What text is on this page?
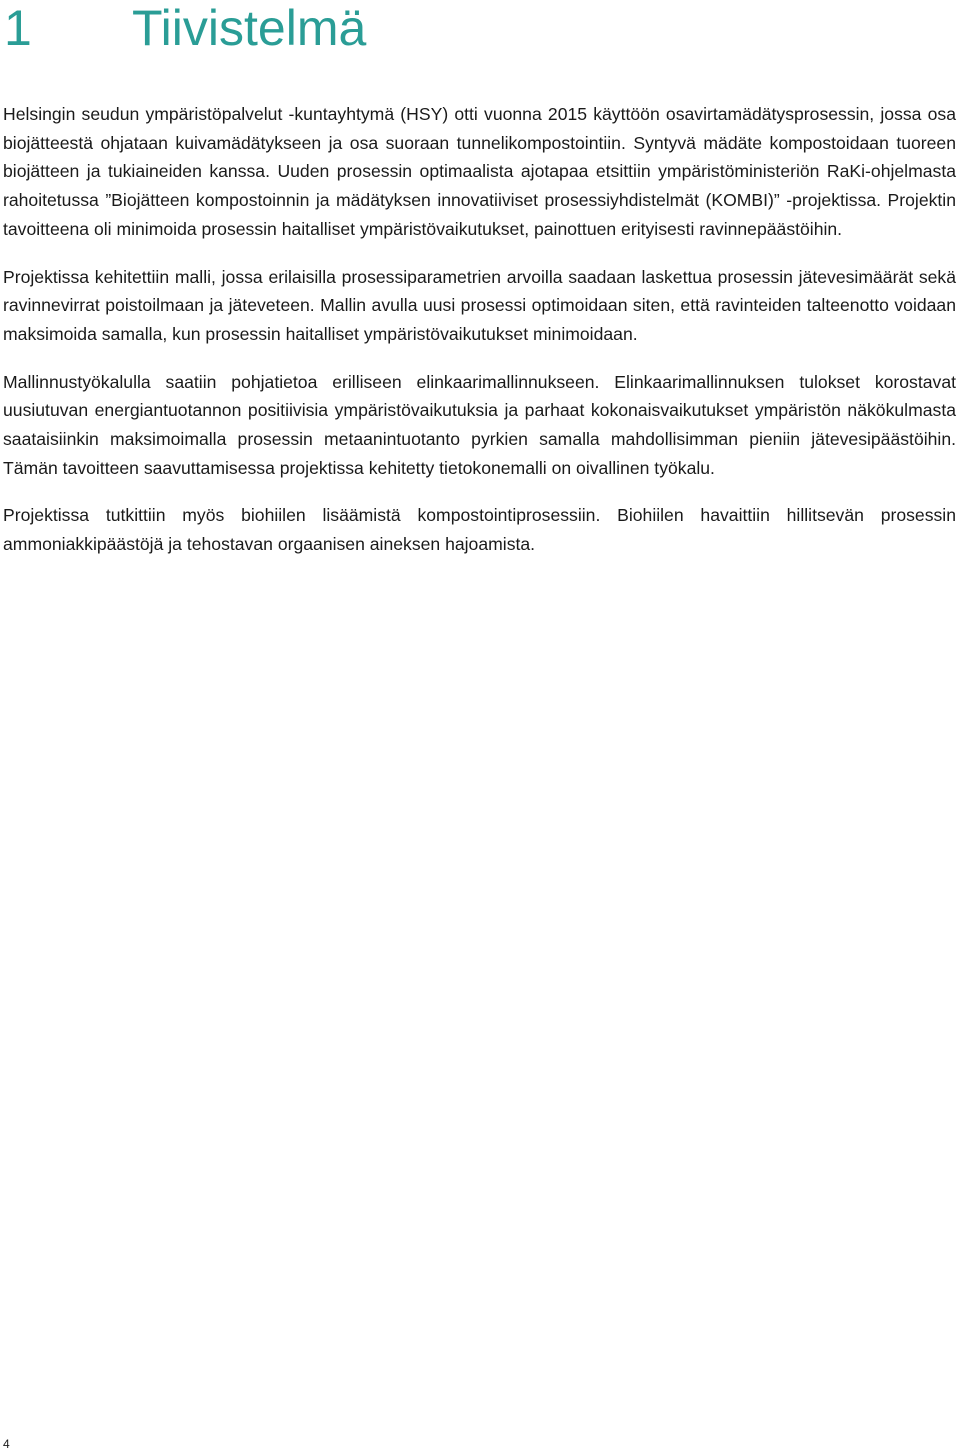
1 Tiivistelmä

Helsingin seudun ympäristöpalvelut -kuntayhtymä (HSY) otti vuonna 2015 käyttöön osavirtamädätysprosessin, jossa osa biojätteestä ohjataan kuivamädätykseen ja osa suoraan tunnelikompostointiin. Syntyvä mädäte kompostoidaan tuoreen biojätteen ja tukiaineiden kanssa. Uuden prosessin optimaalista ajotapaa etsittiin ympäristöministeriön RaKi-ohjelmasta rahoitetussa ”Biojätteen kompostoinnin ja mädätyksen innovatiiviset prosessiyhdistelmät (KOMBI)” -projektissa. Projektin tavoitteena oli minimoida prosessin haitalliset ympäristövaikutukset, painottuen erityisesti ravinnepäästöihin.

Projektissa kehitettiin malli, jossa erilaisilla prosessiparametrien arvoilla saadaan laskettua prosessin jätevesimäärät sekä ravinnevirrat poistoilmaan ja jäteveteen. Mallin avulla uusi prosessi optimoidaan siten, että ravinteiden talteenotto voidaan maksimoida samalla, kun prosessin haitalliset ympäristövaikutukset minimoidaan.

Mallinnustyökalulla saatiin pohjatietoa erilliseen elinkaarimallinnukseen. Elinkaarimallinnuksen tulokset korostavat uusiutuvan energiantuotannon positiivisia ympäristövaikutuksia ja parhaat kokonaisvaikutukset ympäristön näkökulmasta saataisiinkin maksimoimalla prosessin metaanintuotanto pyrkien samalla mahdollisimman pieniin jätevesipäästöihin. Tämän tavoitteen saavuttamisessa projektissa kehitetty tietokonemalli on oivallinen työkalu.

Projektissa tutkittiin myös biohiilen lisäämistä kompostointiprosessiin. Biohiilen havaittiin hillitsevän prosessin ammoniakkipäästöjä ja tehostavan orgaanisen aineksen hajoamista.

4
